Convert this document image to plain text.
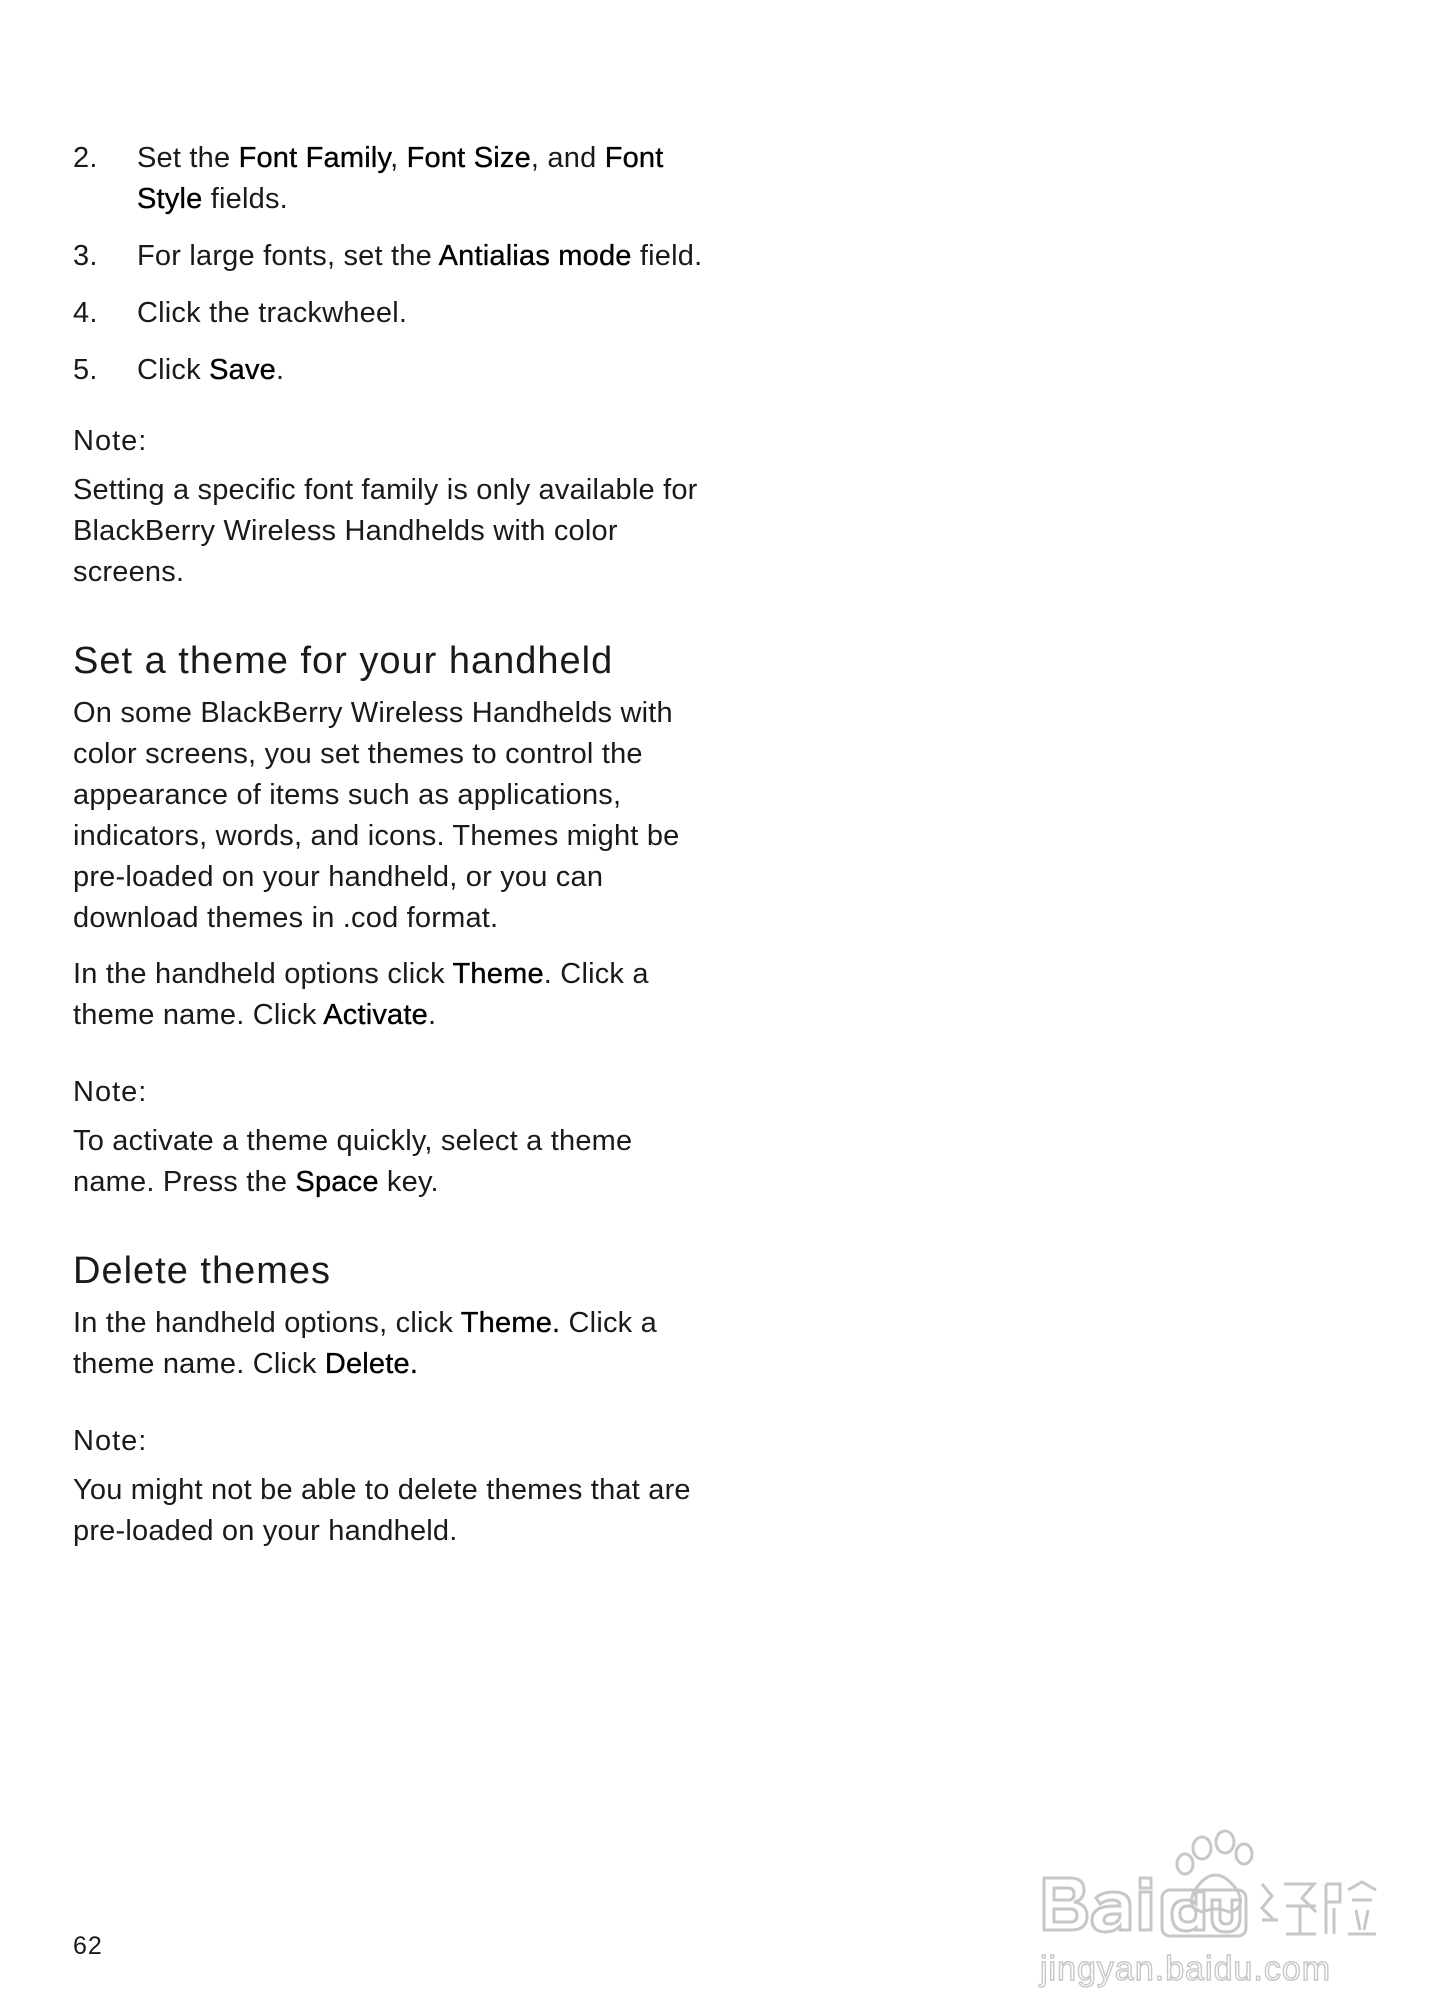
2.	Set the Font Family, Font Size, and Font Style fields.
3.	For large fonts, set the Antialias mode field.
4.	Click the trackwheel.
5.	Click Save.
Note:

Setting a specific font family is only available for BlackBerry Wireless Handhelds with color screens.

Set a theme for your handheld

On some BlackBerry Wireless Handhelds with color screens, you set themes to control the appearance of items such as applications, indicators, words, and icons. Themes might be pre-loaded on your handheld, or you can download themes in .cod format.

In the handheld options click Theme. Click a theme name. Click Activate.

Note:

To activate a theme quickly, select a theme name. Press the Space key.

Delete themes

In the handheld options, click Theme. Click a theme name. Click Delete.

Note:

You might not be able to delete themes that are pre-loaded on your handheld.

62
jingyan.baidu.com
